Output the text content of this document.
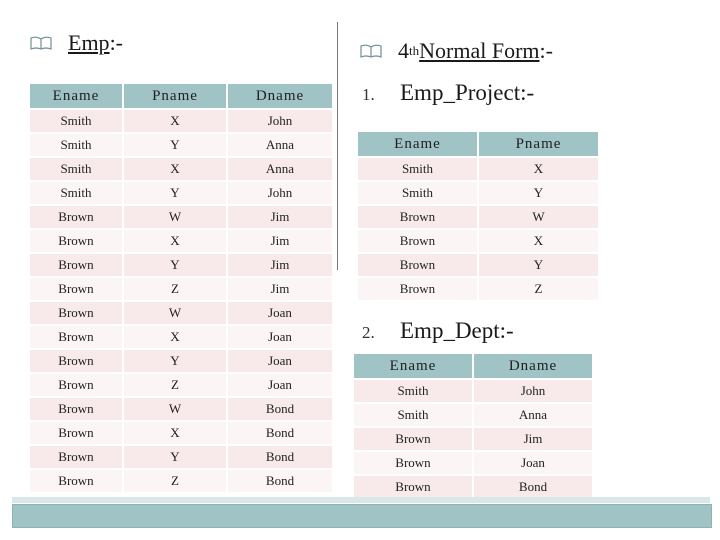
Emp :-	4 th Normal Form :-
Ename	Pname	Dname
Smith	X	John
Smith	Y	Anna
Smith	X	Anna
Smith	Y	John
Brown	W	Jim
Brown	X	Jim
Brown	Y	Jim
Brown	Z	Jim
Brown	W	Joan
Brown	X	Joan
Brown	Y	Joan
Brown	Z	Joan
Brown	W	Bond
Brown	X	Bond
Brown	Y	Bond
Brown	Z	Bond
1.	Emp_Project:-
Ename	Pname
Smith	X
Smith	Y
Brown	W
Brown	X
Brown	Y
Brown	Z
2.	Emp_Dept:-
Ename	Dname
Smith	John
Smith	Anna
Brown	Jim
Brown	Joan
Brown	Bond
